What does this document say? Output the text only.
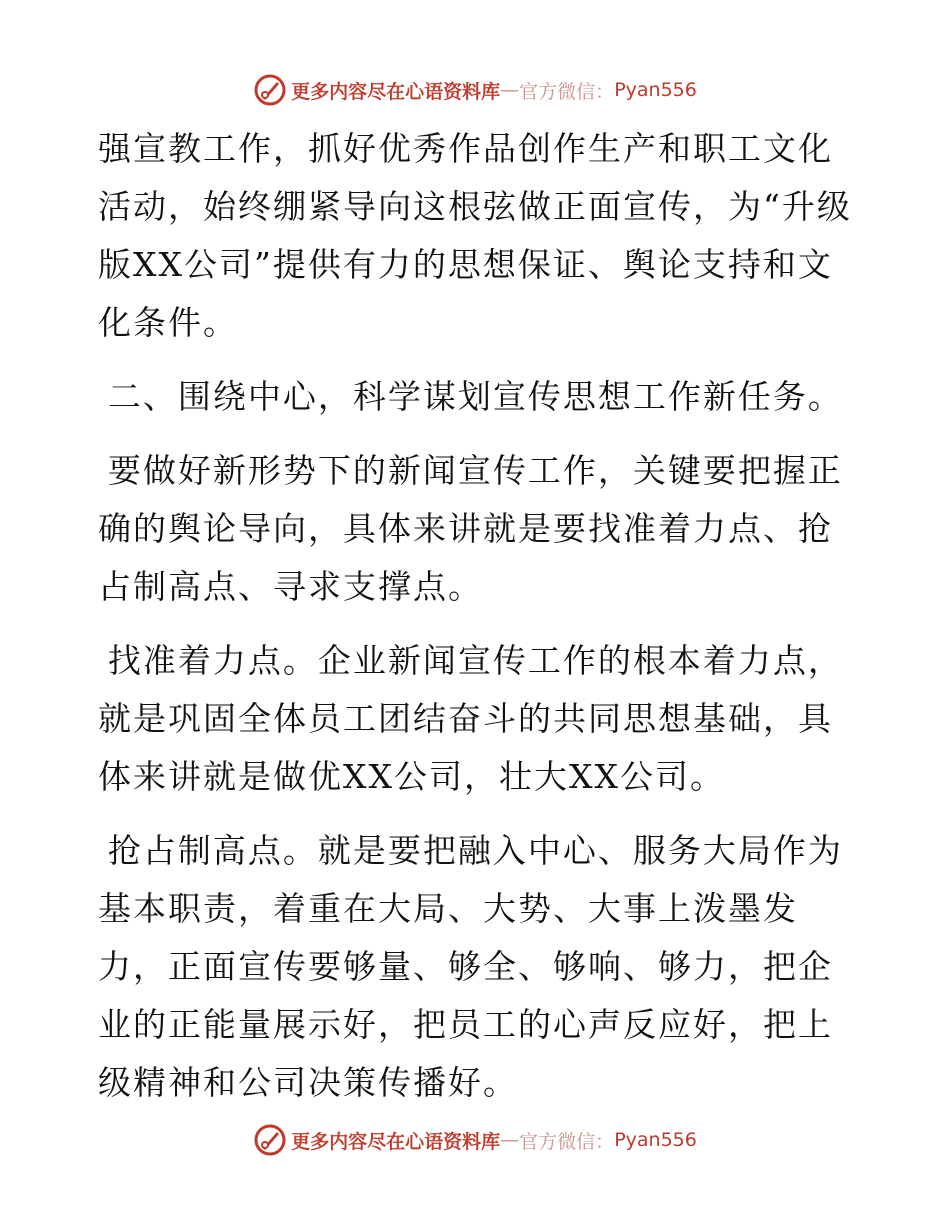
更多内容尽在心语资料库 — 官方微信： Pyan556

强宣教工作，抓好优秀作品创作生产和职工文化活动，始终绷紧导向这根弦做正面宣传，为“升级版XX公司”提供有力的思想保证、舆论支持和文化条件。

二、围绕中心，科学谋划宣传思想工作新任务。

要做好新形势下的新闻宣传工作，关键要把握正确的舆论导向，具体来讲就是要找准着力点、抢占制高点、寻求支撑点。

找准着力点。企业新闻宣传工作的根本着力点，就是巩固全体员工团结奋斗的共同思想基础，具体来讲就是做优XX公司，壮大XX公司。

抢占制高点。就是要把融入中心、服务大局作为基本职责，着重在大局、大势、大事上泼墨发力，正面宣传要够量、够全、够响、够力，把企业的正能量展示好，把员工的心声反应好，把上级精神和公司决策传播好。

更多内容尽在心语资料库 — 官方微信： Pyan556
